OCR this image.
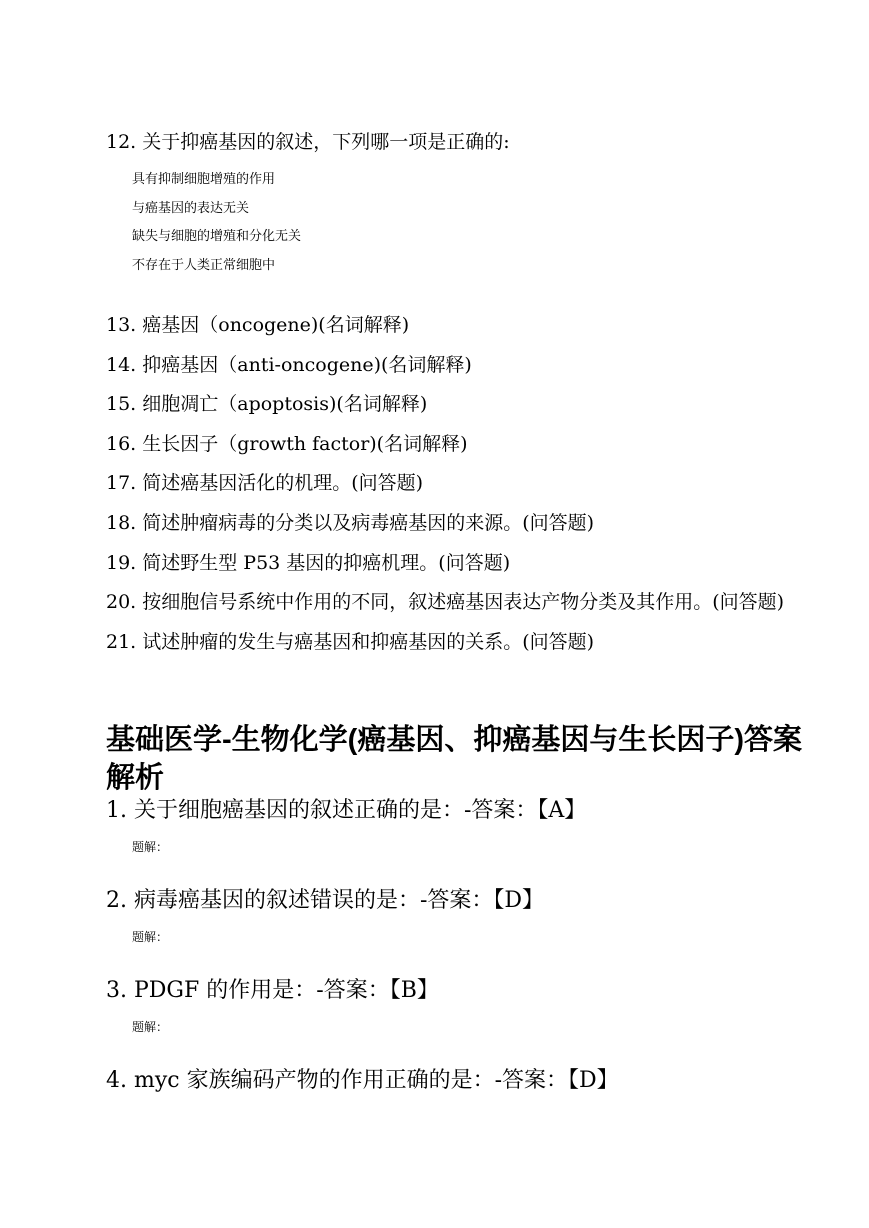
12. 关于抑癌基因的叙述，下列哪一项是正确的:
具有抑制细胞增殖的作用
与癌基因的表达无关
缺失与细胞的增殖和分化无关
不存在于人类正常细胞中
13. 癌基因（oncogene)(名词解释)
14. 抑癌基因（anti-oncogene)(名词解释)
15. 细胞凋亡（apoptosis)(名词解释)
16. 生长因子（growth factor)(名词解释)
17. 简述癌基因活化的机理。(问答题)
18. 简述肿瘤病毒的分类以及病毒癌基因的来源。(问答题)
19. 简述野生型 P53 基因的抑癌机理。(问答题)
20. 按细胞信号系统中作用的不同，叙述癌基因表达产物分类及其作用。(问答题)
21. 试述肿瘤的发生与癌基因和抑癌基因的关系。(问答题)
基础医学-生物化学(癌基因、抑癌基因与生长因子)答案解析
1. 关于细胞癌基因的叙述正确的是：-答案：【A】
题解：
2. 病毒癌基因的叙述错误的是：-答案：【D】
题解：
3. PDGF 的作用是：-答案：【B】
题解：
4. myc 家族编码产物的作用正确的是：-答案：【D】
